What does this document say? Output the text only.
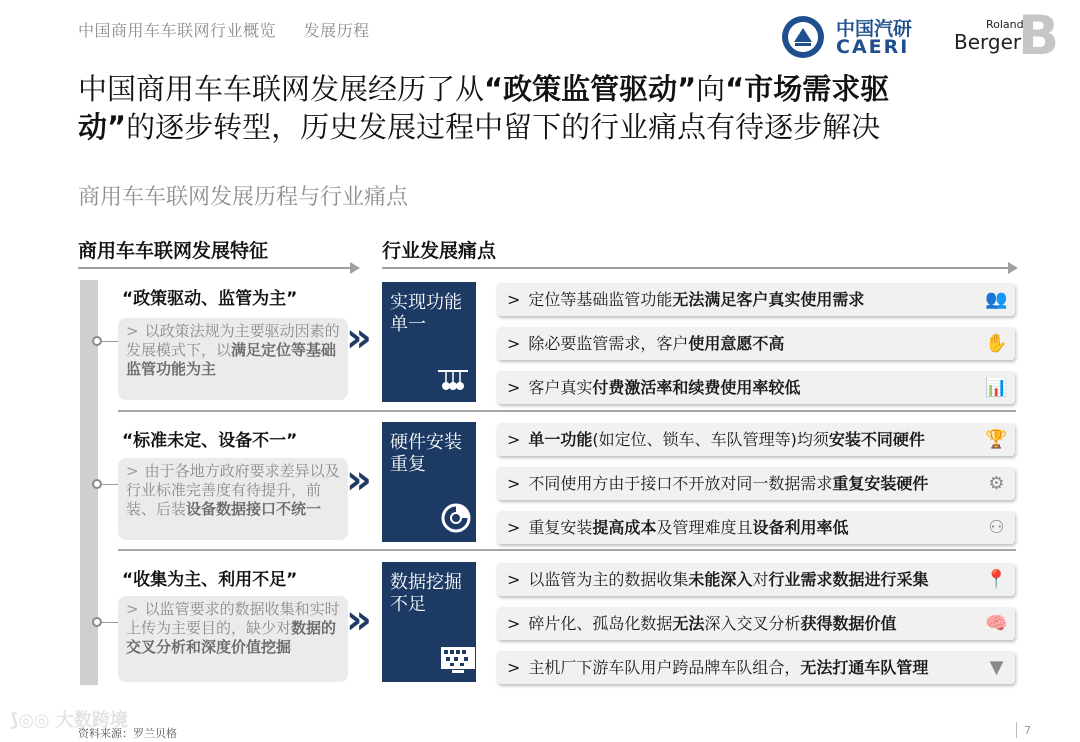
中国商用车车联网行业概览 发展历程	中国汽研
CAERI
Roland
Berger
B
中国商用车车联网发展经历了从“政策监管驱动”向“市场需求驱
动”的逐步转型，历史发展过程中留下的行业痛点有待逐步解决
商用车车联网发展历程与行业痛点
商用车车联网发展特征	行业发展痛点
“政策驱动、监管为主”
> 以政策法规为主要驱动因素的发展模式下，以满足定位等基础监管功能为主
»
实现功能
单一
> 定位等基础监管功能无法满足客户真实使用需求	👥
> 除必要监管需求，客户使用意愿不高	✋
> 客户真实付费激活率和续费使用率较低	📊
“标准未定、设备不一”
> 由于各地方政府要求差异以及行业标准完善度有待提升，前装、后装设备数据接口不统一
»
硬件安装
重复
> 单一功能(如定位、锁车、车队管理等)均须安装不同硬件	🏆
> 不同使用方由于接口不开放对同一数据需求重复安装硬件	⚙
> 重复安装提高成本及管理难度且设备利用率低	⚇
“收集为主、利用不足”
> 以监管要求的数据收集和实时上传为主要目的，缺少对数据的交叉分析和深度价值挖掘
»
数据挖掘
不足
> 以监管为主的数据收集未能深入对行业需求数据进行采集	📍
> 碎片化、孤岛化数据无法深入交叉分析获得数据价值	🧠
> 主机厂下游车队用户跨品牌车队组合，无法打通车队管理	▼
⟆◎◎ 大数跨境
资料来源：罗兰贝格	7
